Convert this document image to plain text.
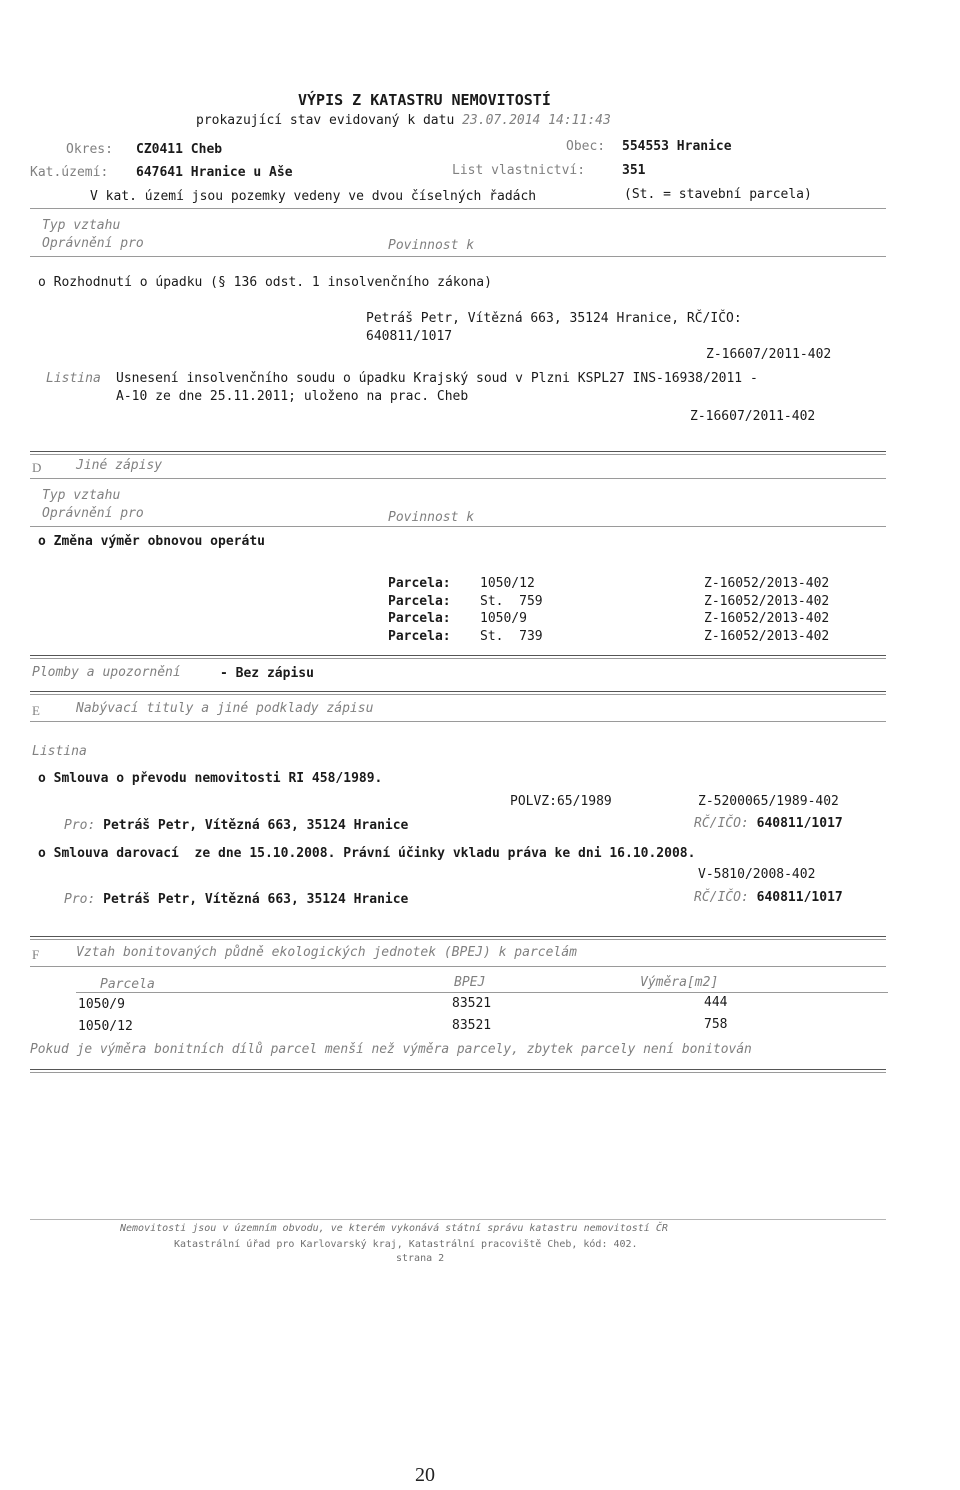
VÝPIS Z KATASTRU NEMOVITOSTÍ
prokazující stav evidovaný k datu 23.07.2014 14:11:43
Okres: CZ0411 Cheb	Obec: 554553 Hranice
Kat.území: 647641 Hranice u Aše	List vlastnictví:	351
V kat. území jsou pozemky vedeny ve dvou číselných řadách	(St. = stavební parcela)
Typ vztahu
Oprávnění pro	Povinnost k
o Rozhodnutí o úpadku (§ 136 odst. 1 insolvenčního zákona)
Petráš Petr, Vítězná 663, 35124 Hranice, RČ/IČO:
640811/1017
Z-16607/2011-402
Listina Usnesení insolvenčního soudu o úpadku Krajský soud v Plzni KSPL27 INS-16938/2011 -
A-10 ze dne 25.11.2011; uloženo na prac. Cheb
Z-16607/2011-402
D	Jiné zápisy
Typ vztahu
Oprávnění pro	Povinnost k
o Změna výměr obnovou operátu
Parcela: 1050/12	Z-16052/2013-402
Parcela: St.  759	Z-16052/2013-402
Parcela: 1050/9	Z-16052/2013-402
Parcela: St.  739	Z-16052/2013-402
Plomby a upozornění	- Bez zápisu
E	Nabývací tituly a jiné podklady zápisu
Listina
o Smlouva o převodu nemovitosti RI 458/1989.
POLVZ:65/1989	Z-5200065/1989-402
Pro: Petráš Petr, Vítězná 663, 35124 Hranice	RČ/IČO: 640811/1017
o Smlouva darovací  ze dne 15.10.2008. Právní účinky vkladu práva ke dni 16.10.2008.
V-5810/2008-402
Pro: Petráš Petr, Vítězná 663, 35124 Hranice	RČ/IČO: 640811/1017
F	Vztah bonitovaných půdně ekologických jednotek (BPEJ) k parcelám
Parcela	BPEJ	Výměra[m2]
1050/9	83521	444
1050/12	83521	758
Pokud je výměra bonitních dílů parcel menší než výměra parcely, zbytek parcely není bonitován
Nemovitosti jsou v územním obvodu, ve kterém vykonává státní správu katastru nemovitostí ČR
Katastrální úřad pro Karlovarský kraj, Katastrální pracoviště Cheb, kód: 402.
strana 2
20
